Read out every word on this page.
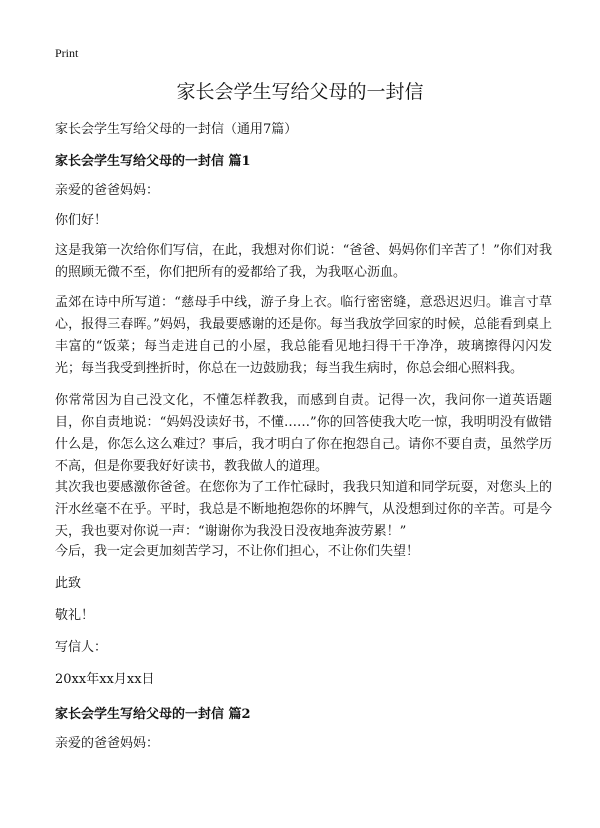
Print
家长会学生写给父母的一封信

家长会学生写给父母的一封信（通用7篇）

家长会学生写给父母的一封信 篇1

亲爱的爸爸妈妈：

你们好！

这是我第一次给你们写信，在此，我想对你们说：“爸爸、妈妈你们辛苦了！”你们对我的照顾无微不至，你们把所有的爱都给了我，为我呕心沥血。

孟郊在诗中所写道：“慈母手中线，游子身上衣。临行密密缝，意恐迟迟归。谁言寸草心，报得三春晖。”妈妈，我最要感谢的还是你。每当我放学回家的时候，总能看到桌上丰富的“饭菜；每当走进自己的小屋，我总能看见地扫得干干净净，玻璃擦得闪闪发光；每当我受到挫折时，你总在一边鼓励我；每当我生病时，你总会细心照料我。

你常常因为自己没文化，不懂怎样教我，而感到自责。记得一次，我问你一道英语题目，你自责地说：“妈妈没读好书，不懂……”你的回答使我大吃一惊，我明明没有做错什么是，你怎么这么难过？事后，我才明白了你在抱怨自己。请你不要自责，虽然学历不高，但是你要我好好读书，教我做人的道理。

其次我也要感激你爸爸。在您你为了工作忙碌时，我我只知道和同学玩耍，对您头上的汗水丝毫不在乎。平时，我总是不断地抱怨你的坏脾气，从没想到过你的辛苦。可是今天，我也要对你说一声：“谢谢你为我没日没夜地奔波劳累！”

今后，我一定会更加刻苦学习，不让你们担心，不让你们失望！

此致

敬礼！

写信人：

20xx年xx月xx日

家长会学生写给父母的一封信 篇2

亲爱的爸爸妈妈：
